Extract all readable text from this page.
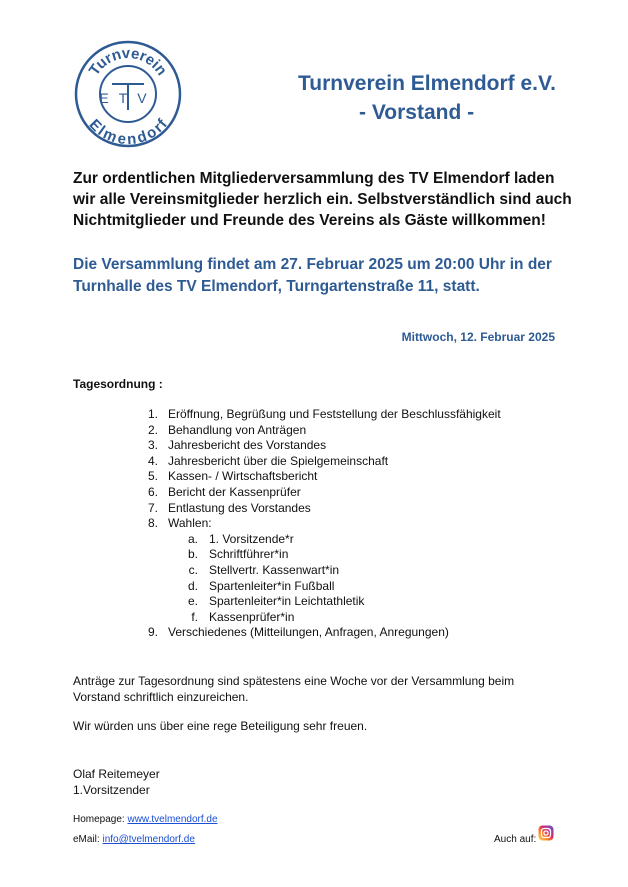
Turnverein
Elmendorf
ETV
Turnverein Elmendorf e.V.
- Vorstand -
Zur ordentlichen Mitgliederversammlung des TV Elmendorf laden
wir alle Vereinsmitglieder herzlich ein. Selbstverständlich sind auch
Nichtmitglieder und Freunde des Vereins als Gäste willkommen!
Die Versammlung findet am 27. Februar 2025 um 20:00 Uhr in der
Turnhalle des TV Elmendorf, Turngartenstraße 11, statt.
Mittwoch, 12. Februar 2025
Tagesordnung :
1. Eröffnung, Begrüßung und Feststellung der Beschlussfähigkeit
2. Behandlung von Anträgen
3. Jahresbericht des Vorstandes
4. Jahresbericht über die Spielgemeinschaft
5. Kassen- / Wirtschaftsbericht
6. Bericht der Kassenprüfer
7. Entlastung des Vorstandes
8. Wahlen:
a. 1. Vorsitzende*r
b. Schriftführer*in
c. Stellvertr. Kassenwart*in
d. Spartenleiter*in Fußball
e. Spartenleiter*in Leichtathletik
f. Kassenprüfer*in
9. Verschiedenes (Mitteilungen, Anfragen, Anregungen)
Anträge zur Tagesordnung sind spätestens eine Woche vor der Versammlung beim Vorstand schriftlich einzureichen.
Wir würden uns über eine rege Beteiligung sehr freuen.
Olaf Reitemeyer
1.Vorsitzender
Homepage: www.tvelmendorf.de
eMail: info@tvelmendorf.de	Auch auf:
